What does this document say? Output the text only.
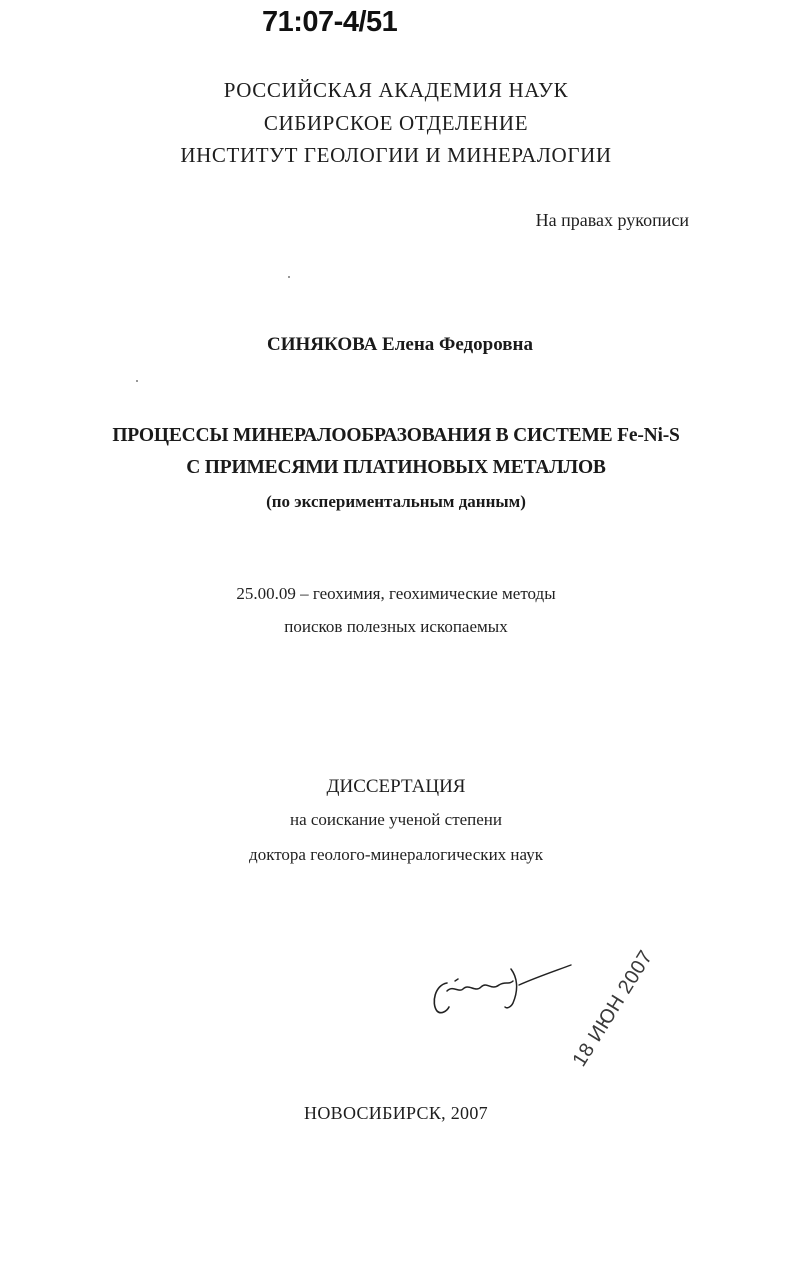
71:07-4/51
РОССИЙСКАЯ АКАДЕМИЯ НАУК
СИБИРСКОЕ ОТДЕЛЕНИЕ
ИНСТИТУТ ГЕОЛОГИИ И МИНЕРАЛОГИИ
На правах рукописи
СИНЯКОВА Елена Федоровна
ПРОЦЕССЫ МИНЕРАЛООБРАЗОВАНИЯ В СИСТЕМЕ Fe-Ni-S
С ПРИМЕСЯМИ ПЛАТИНОВЫХ МЕТАЛЛОВ
(по экспериментальным данным)
25.00.09 – геохимия, геохимические методы
поисков полезных ископаемых
ДИССЕРТАЦИЯ
на соискание ученой степени
доктора геолого-минералогических наук
18 ИЮН 2007
НОВОСИБИРСК, 2007
